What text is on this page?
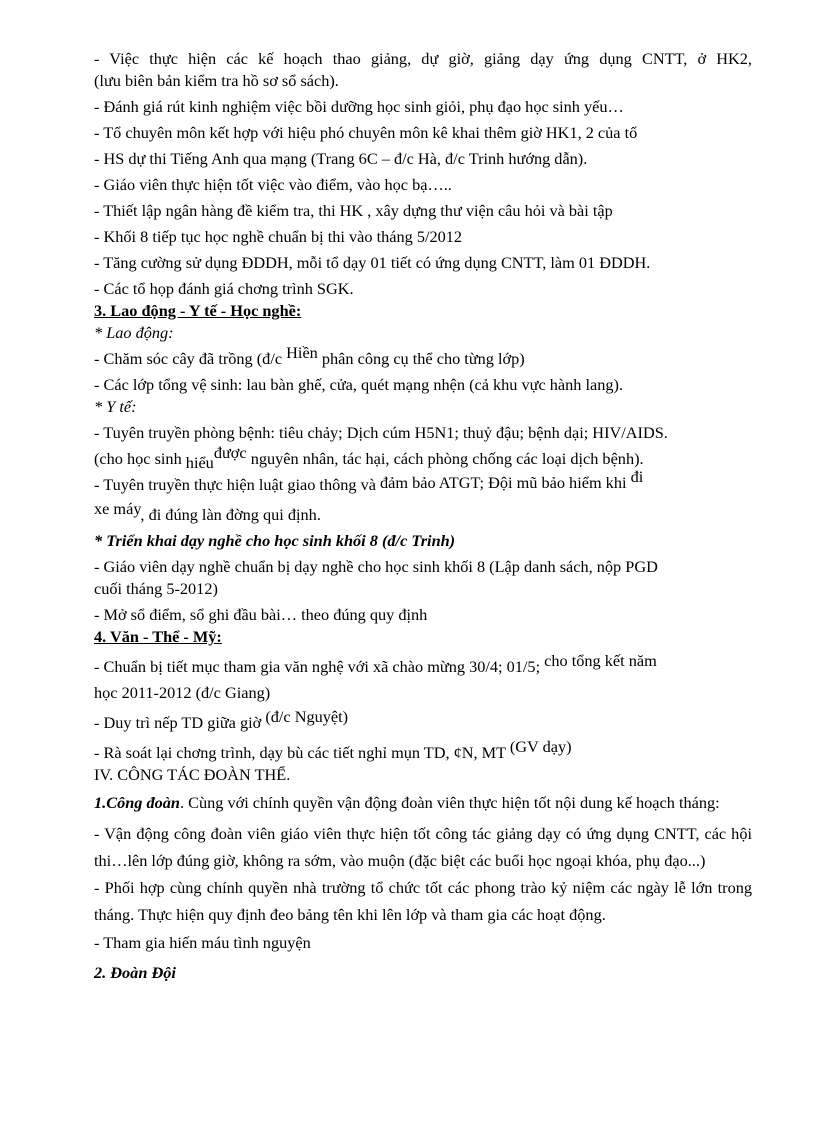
- Việc thực hiện các kế hoạch thao giảng, dự giờ, giảng dạy ứng dụng CNTT, ở HK2,

(lưu biên bản kiểm tra hồ sơ sổ sách).

- Đánh giá rút kinh nghiệm việc bồi dưỡng học sinh giỏi, phụ đạo học sinh yếu…

- Tổ chuyên môn kết hợp với hiệu phó chuyên môn kê khai thêm giờ HK1, 2 của tổ

- HS dự thi Tiếng Anh qua mạng (Trang 6C – đ/c Hà, đ/c Trinh hướng dẫn).

- Giáo viên thực hiện tốt việc vào điểm, vào học bạ…..

- Thiết lập ngân hàng đề kiểm tra, thi HK , xây dựng thư viện câu hỏi và bài tập

- Khối 8 tiếp tục học nghề chuẩn bị thi vào tháng 5/2012

- Tăng cường sử dụng ĐDDH, mỗi tổ dạy 01 tiết có ứng dụng CNTT, làm 01 ĐDDH.

- Các tổ họp đánh giá chơng trình SGK.

3. Lao động - Y tế - Học nghề:

* Lao động:

- Chăm sóc cây đã trồng (đ/c Hiền phân công cụ thể cho từng lớp)

- Các lớp tổng vệ sinh: lau bàn ghế, cửa, quét mạng nhện (cả khu vực hành lang).

* Y tế:

- Tuyên truyền phòng bệnh: tiêu chảy; Dịch cúm H5N1; thuỷ đậu; bệnh dại; HIV/AIDS.

(cho học sinh hiểuđược nguyên nhân, tác hại, cách phòng chống các loại dịch bệnh).

- Tuyên truyền thực hiện luật giao thông và đảm bảo ATGT; Đội mũ bảo hiểm khi đi

xe máy, đi đúng làn đờng qui định.

* Triển khai dạy nghề cho học sinh khối 8 (đ/c Trinh)

- Giáo viên dạy nghề chuẩn bị dạy nghề cho học sinh khối 8 (Lập danh sách, nộp PGD

cuối tháng 5-2012)

- Mở sổ điểm, sổ ghi đầu bài… theo đúng quy định

4. Văn - Thể - Mỹ:

- Chuẩn bị tiết mục tham gia văn nghệ với xã chào mừng 30/4; 01/5; cho tổng kết năm

học 2011-2012 (đ/c Giang)

- Duy trì nếp TD giữa giờ (đ/c Nguyệt)

- Rà soát lại chơng trình, dạy bù các tiết nghỉ mụn TD, ¢N, MT (GV dạy)

IV. CÔNG TÁC ĐOÀN THỂ.

1.Công đoàn. Cùng với chính quyền vận động đoàn viên thực hiện tốt nội dung kế hoạch tháng:

- Vận động công đoàn viên giáo viên thực hiện tốt công tác giảng dạy có ứng dụng CNTT, các hội thi…lên lớp đúng giờ, không ra sớm, vào muộn (đặc biệt các buổi học ngoại khóa, phụ đạo...)

- Phối hợp cùng chính quyền nhà trường tổ chức tốt các phong trào kỷ niệm các ngày lễ lớn trong tháng. Thực hiện quy định đeo bảng tên khi lên lớp và tham gia các hoạt động.

- Tham gia hiến máu tình nguyện

2. Đoàn Đội
